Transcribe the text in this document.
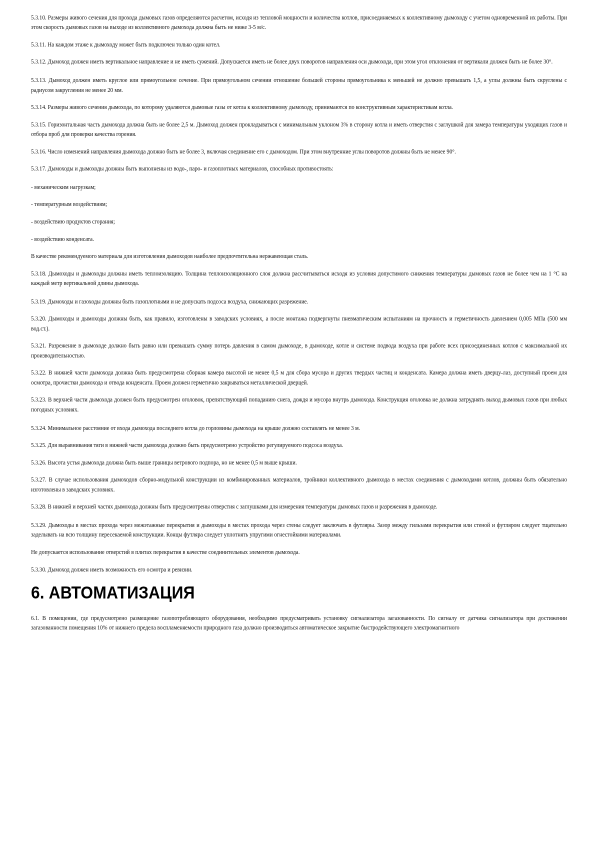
5.3.10. Размеры живого сечения для прохода дымовых газов определяются расчетом, исходя из тепловой мощности и количества котлов, присоединяемых к коллективному дымоходу с учетом одновременной их работы. При этом скорость дымовых газов на выходе из коллективного дымохода должна быть не ниже 3-5 м/с.

5.3.11. На каждом этаже к дымоходу может быть подключен только один котел.

5.3.12. Дымоход должен иметь вертикальное направление и не иметь сужений. Допускается иметь не более двух поворотов направления оси дымохода, при этом угол отклонения от вертикали должен быть не более 30°.

5.3.13. Дымоход должен иметь круглое или прямоугольное сечение. При прямоугольном сечении отношение большей стороны прямоугольника к меньшей не должно превышать 1,5, а углы должны быть скруглены с радиусом закругления не менее 20 мм.

5.3.14. Размеры живого сечения дымохода, по которому удаляются дымовые газы от котла к коллективному дымоходу, принимаются по конструктивным характеристикам котла.

5.3.15. Горизонтальная часть дымохода должна быть не более 2,5 м. Дымоход должен прокладываться с минимальным уклоном 3% в сторону котла и иметь отверстия с заглушкой для замера температуры уходящих газов и отбора проб для проверки качества горения.

5.3.16. Число изменений направления дымохода должно быть не более 3, включая соединение его с дымоходом. При этом внутренние углы поворотов должны быть не менее 90°.

5.3.17. Дымоходы и дымоходы должны быть выполнены из водо-, паро- и газоплотных материалов, способных противостоять:

- механическим нагрузкам;

- температурным воздействиям;

- воздействию продуктов сгорания;

- воздействию конденсата.

В качестве рекомендуемого материала для изготовления дымоходов наиболее предпочтительна нержавеющая сталь.

5.3.18. Дымоходы и дымоходы должны иметь теплоизоляцию. Толщина теплоизоляционного слоя должна рассчитываться исходя из условия допустимого снижения температуры дымовых газов не более чем на 1 °С на каждый метр вертикальной длины дымохода.

5.3.19. Дымоходы и газоходы должны быть газоплотными и не допускать подсоса воздуха, снижающих разрежение.

5.3.20. Дымоходы и дымоходы должны быть, как правило, изготовлены в заводских условиях, а после монтажа подвергнуты пневматическим испытаниям на прочность и герметичность давлением 0,005 МПа (500 мм вод.ст.).

5.3.21. Разрежение в дымоходе должно быть равно или превышать сумму потерь давления в самом дымоходе, в дымоходе, котле и системе подвода воздуха при работе всех присоединенных котлов с максимальной их производительностью.

5.3.22. В нижней части дымохода должна быть предусмотрена сборная камера высотой не менее 0,5 м для сбора мусора и других твердых частиц и конденсата. Камера должна иметь дверцу-лаз, доступный проем для осмотра, прочистки дымохода и отвода конденсата. Проем должен герметично закрываться металлической дверцей.

5.3.23. В верхней части дымохода должен быть предусмотрен оголовок, препятствующий попаданию снега, дождя и мусора внутрь дымохода. Конструкция оголовка не должна затруднять выход дымовых газов при любых погодных условиях.

5.3.24. Минимальное расстояние от входа дымохода последнего котла до горловины дымохода на крыше должно составлять не менее 3 м.

5.3.25. Для выравнивания тяги в нижней части дымохода должно быть предусмотрено устройство регулируемого подсоса воздуха.

5.3.26. Высота устья дымохода должна быть выше границы ветрового подпора, но не менее 0,5 м выше крыши.

5.3.27. В случае использования дымоходов сборно-модульной конструкции из комбинированных материалов, тройники коллективного дымохода в местах соединения с дымоходами котлов, должны быть обязательно изготовлены в заводских условиях.

5.3.28. В нижней и верхней частях дымохода должны быть предусмотрены отверстия с заглушками для измерения температуры дымовых газов и разрежения в дымоходе.

5.3.29. Дымоходы в местах прохода через межэтажные перекрытия и дымоходы в местах прохода через стены следует заключать в футляры. Зазор между гильзами перекрытия или стеной и футляром следует тщательно заделывать на всю толщину пересекаемой конструкции. Концы футляра следует уплотнять упругими огнестойкими материалами.

Не допускается использование отверстий в плитах перекрытия в качестве соединительных элементов дымохода.

5.3.30. Дымоход должен иметь возможность его осмотра и ревизии.

6. АВТОМАТИЗАЦИЯ

6.1. В помещении, где предусмотрено размещение газопотребляющего оборудования, необходимо предусматривать установку сигнализатора загазованности. По сигналу от датчика сигнализатора при достижении загазованности помещения 10% от нижнего предела воспламеняемости природного газа должно производиться автоматическое закрытие быстродействующего электромагнитного
